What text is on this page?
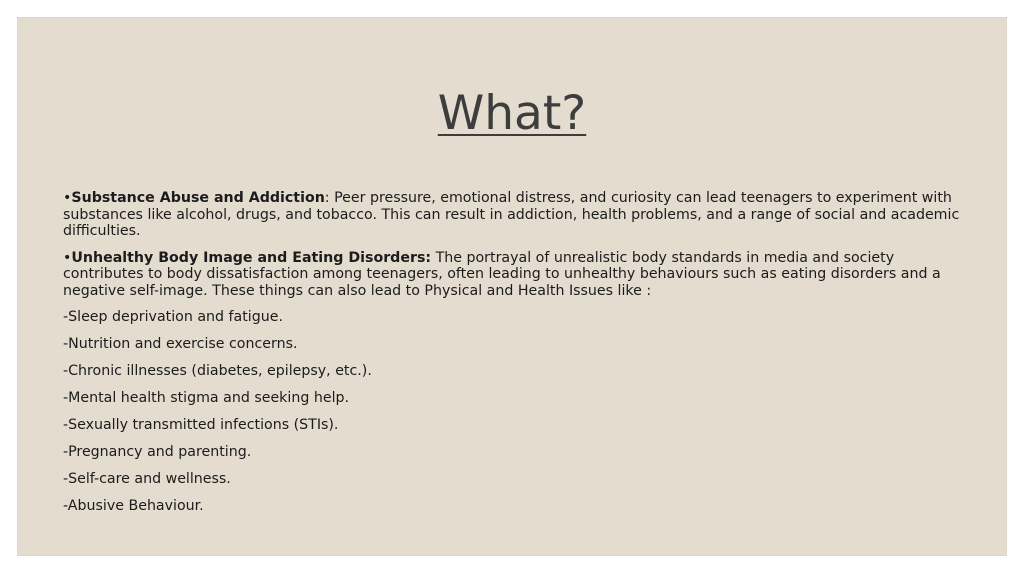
What?

•Substance Abuse and Addiction: Peer pressure, emotional distress, and curiosity can lead teenagers to experiment with substances like alcohol, drugs, and tobacco. This can result in addiction, health problems, and a range of social and academic difficulties.

•Unhealthy Body Image and Eating Disorders: The portrayal of unrealistic body standards in media and society contributes to body dissatisfaction among teenagers, often leading to unhealthy behaviours such as eating disorders and a negative self-image. These things can also lead to Physical and Health Issues like :

-Sleep deprivation and fatigue.
-Nutrition and exercise concerns.
-Chronic illnesses (diabetes, epilepsy, etc.).
-Mental health stigma and seeking help.
-Sexually transmitted infections (STIs).
-Pregnancy and parenting.
-Self-care and wellness.
-Abusive Behaviour.
